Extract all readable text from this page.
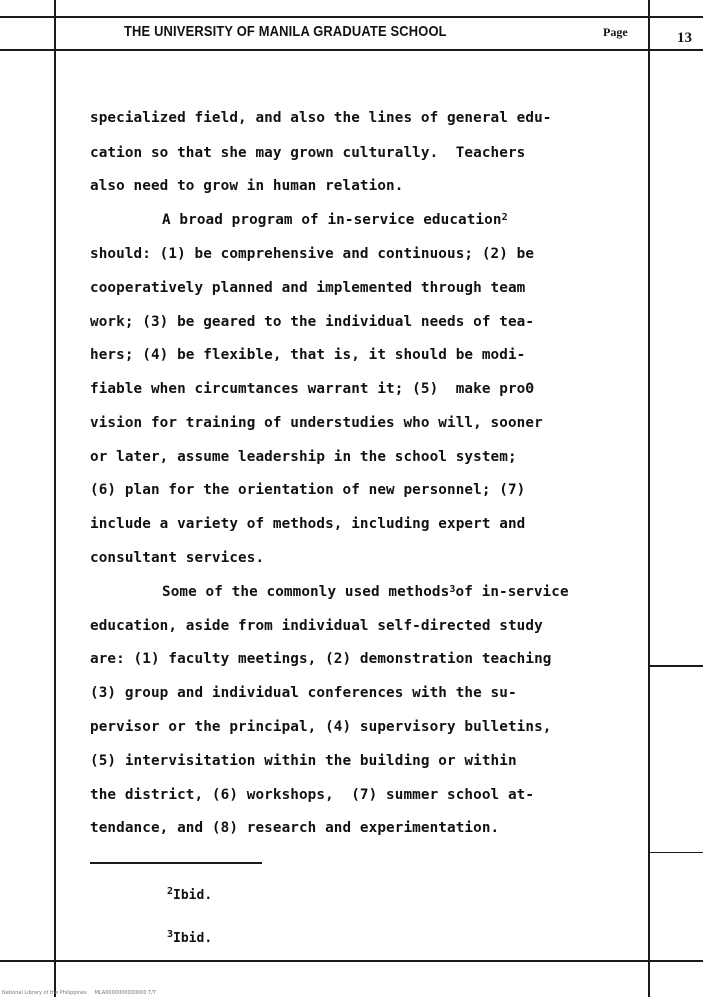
THE UNIVERSITY OF MANILA GRADUATE SCHOOL	Page	13
specialized field, and also the lines of general edu-
cation so that she may grown culturally.  Teachers
also need to grow in human relation.
A broad program of in-service education$^2$
should: (1) be comprehensive and continuous; (2) be
cooperatively planned and implemented through team
work; (3) be geared to the individual needs of tea-
hers; (4) be flexible, that is, it should be modi-
fiable when circumtances warrant it; (5)  make proΘ
vision for training of understudies who will, sooner
or later, assume leadership in the school system;
(6) plan for the orientation of new personnel; (7)
include a variety of methods, including expert and
consultant services.
Some of the commonly used methods$^3$of in-service
education, aside from individual self-directed study
are: (1) faculty meetings, (2) demonstration teaching
(3) group and individual conferences with the su-
pervisor or the principal, (4) supervisory bulletins,
(5) intervisitation within the building or within
the district, (6) workshops,  (7) summer school at-
tendance, and (8) research and experimentation.
$^2$Ibid.
$^3$Ibid.
National Library of the Philippines     MLA0000000000000 T/T
